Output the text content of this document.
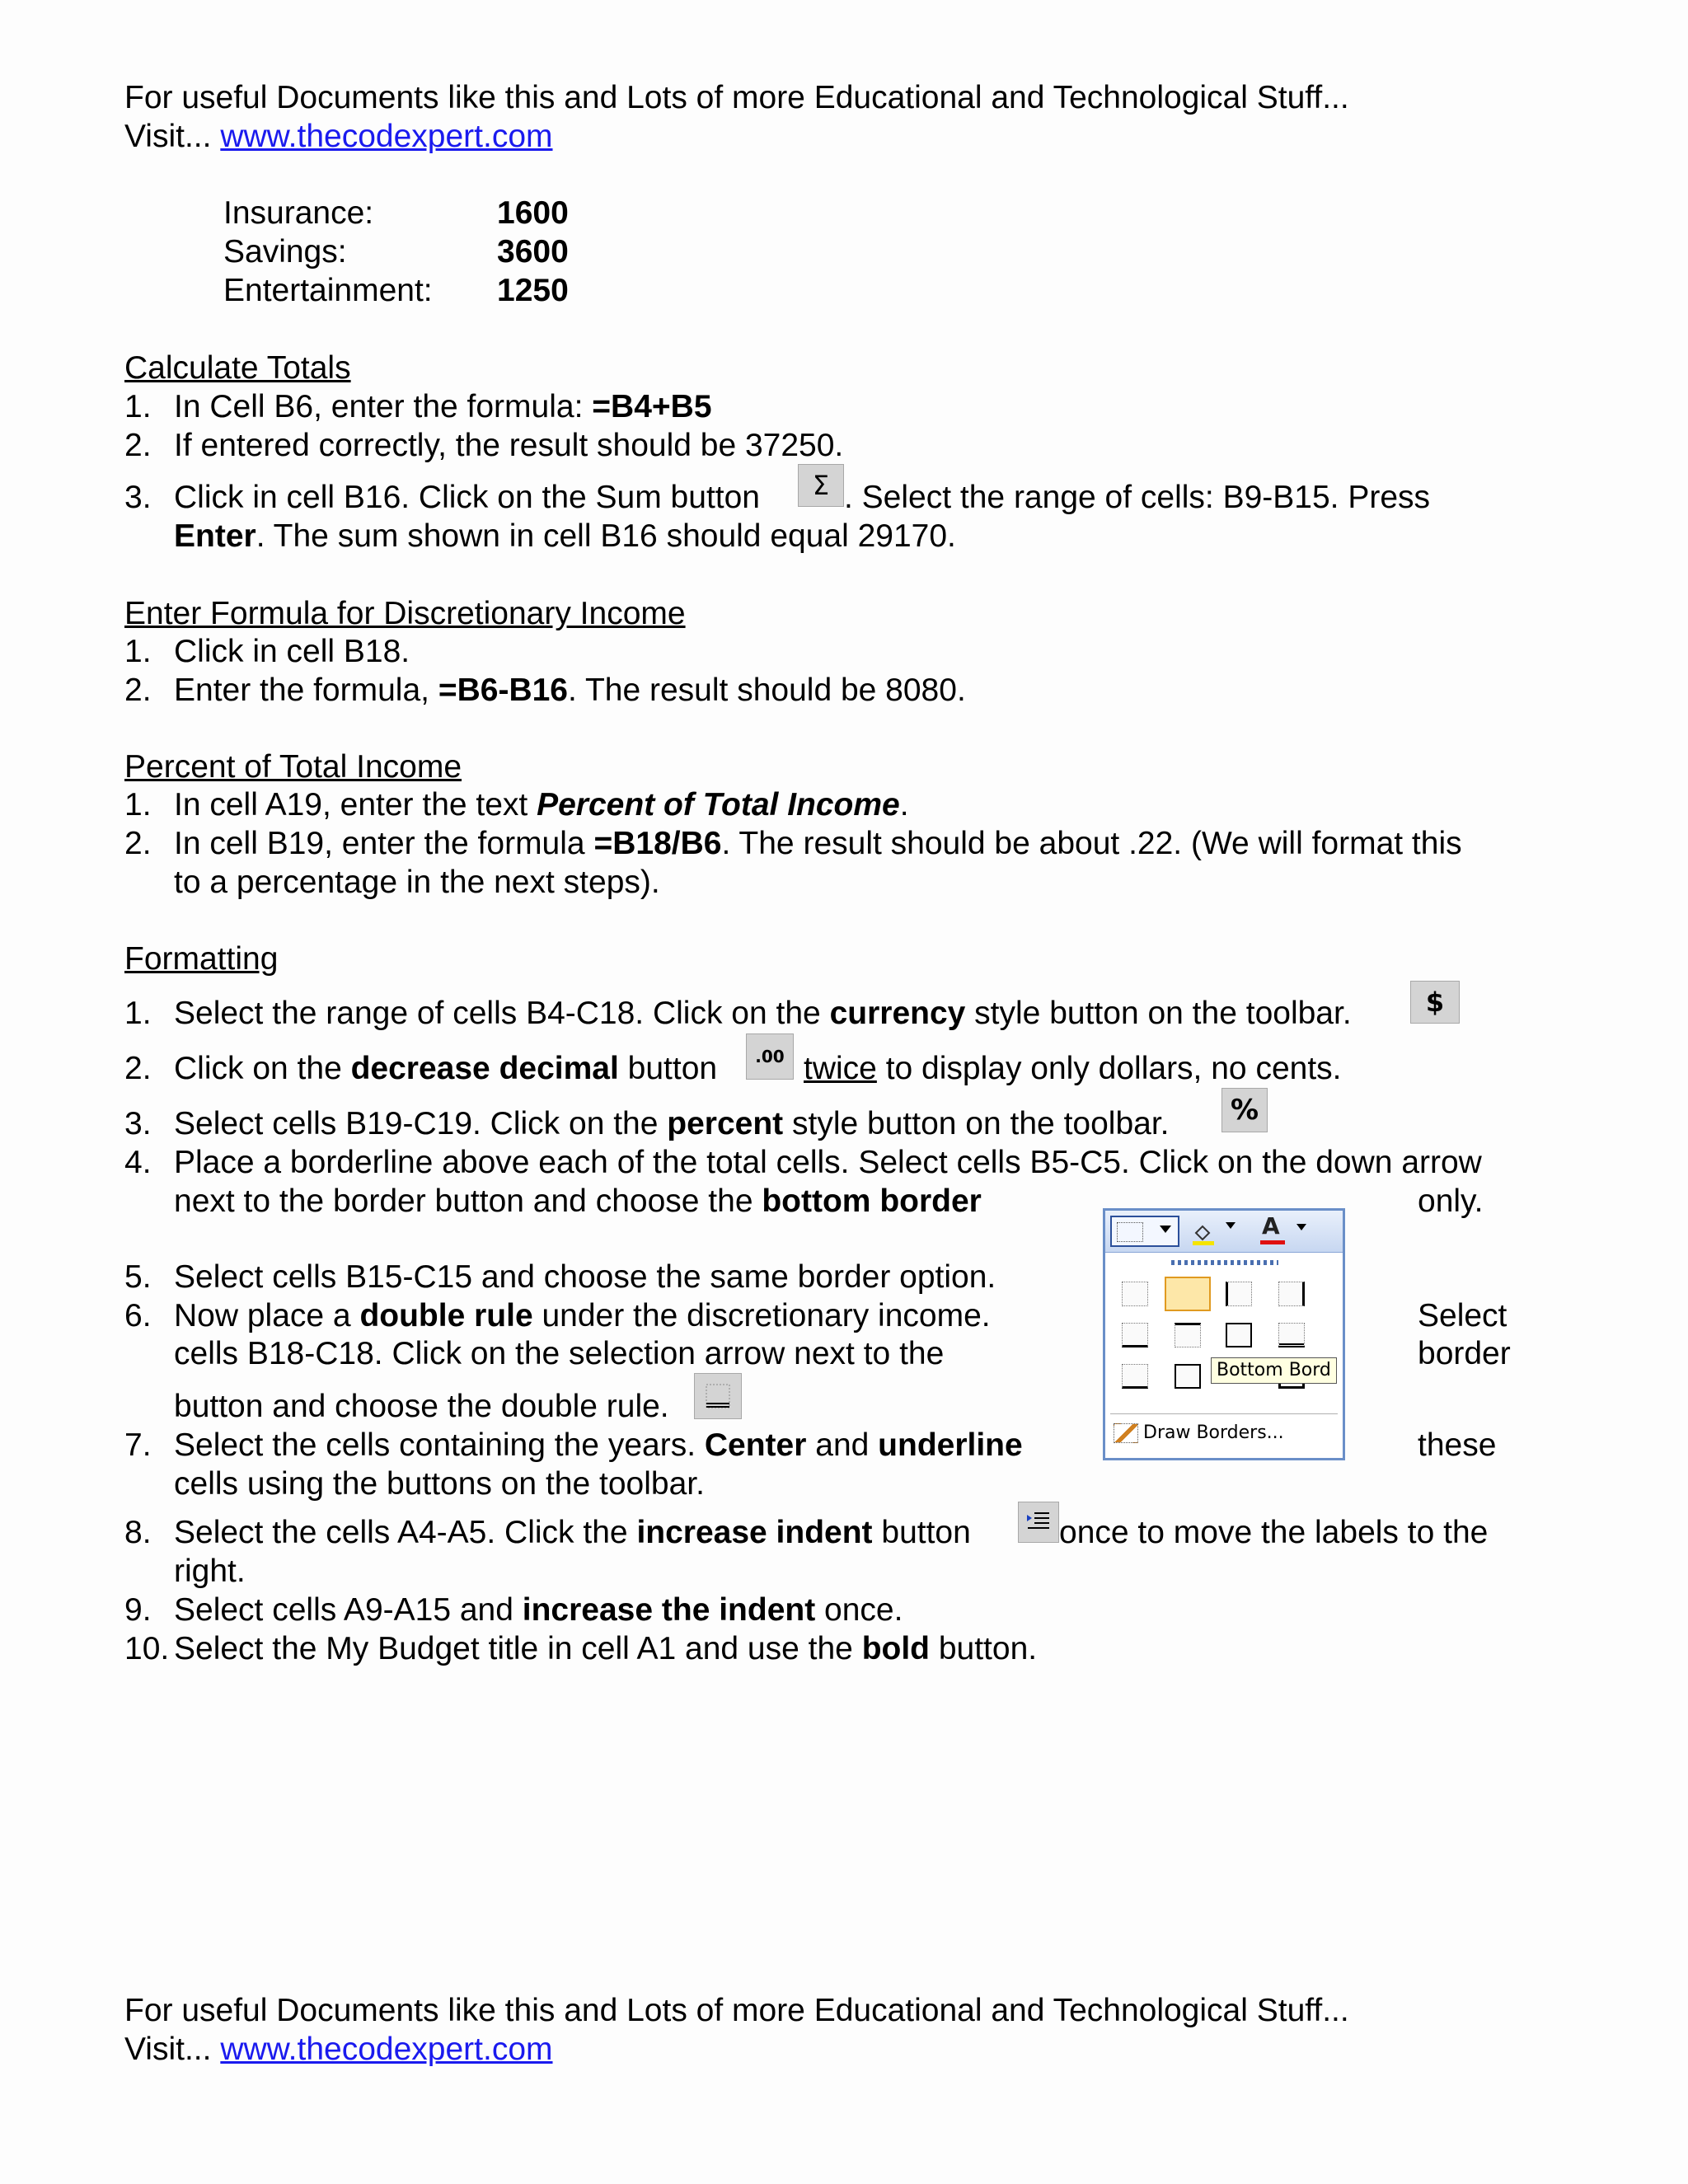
For useful Documents like this and Lots of more Educational and Technological Stuff...
Visit... www.thecodexpert.com
Insurance:	1600
Savings:	3600
Entertainment: 1250
Calculate Totals
1. In Cell B6, enter the formula: =B4+B5
2. If entered correctly, the result should be 37250.
3. Click in cell B16. Click on the Sum button	Σ . Select the range of cells: B9-B15. Press
Enter. The sum shown in cell B16 should equal 29170.
Enter Formula for Discretionary Income
1. Click in cell B18.
2. Enter the formula, =B6-B16. The result should be 8080.
Percent of Total Income
1. In cell A19, enter the text Percent of Total Income.
2. In cell B19, enter the formula =B18/B6. The result should be about .22. (We will format this
to a percentage in the next steps).
Formatting
1. Select the range of cells B4-C18. Click on the currency style button on the toolbar.	$
2. Click on the decrease decimal button	.00 twice to display only dollars, no cents.
3. Select cells B19-C19. Click on the percent style button on the toolbar.	%
4. Place a borderline above each of the total cells. Select cells B5-C5. Click on the down arrow
next to the border button and choose the bottom border	only.
5. Select cells B15-C15 and choose the same border option.
6. Now place a double rule under the discretionary income.	Select
cells B18-C18. Click on the selection arrow next to the	border
button and choose the double rule.
7. Select the cells containing the years. Center and underline	these
cells using the buttons on the toolbar.
8. Select the cells A4-A5. Click the increase indent button	once to move the labels to the
right.
9. Select cells A9-A15 and increase the indent once.
10. Select the My Budget title in cell A1 and use the bold button.
A
Bottom Bord
Draw Borders...
For useful Documents like this and Lots of more Educational and Technological Stuff...
Visit... www.thecodexpert.com
